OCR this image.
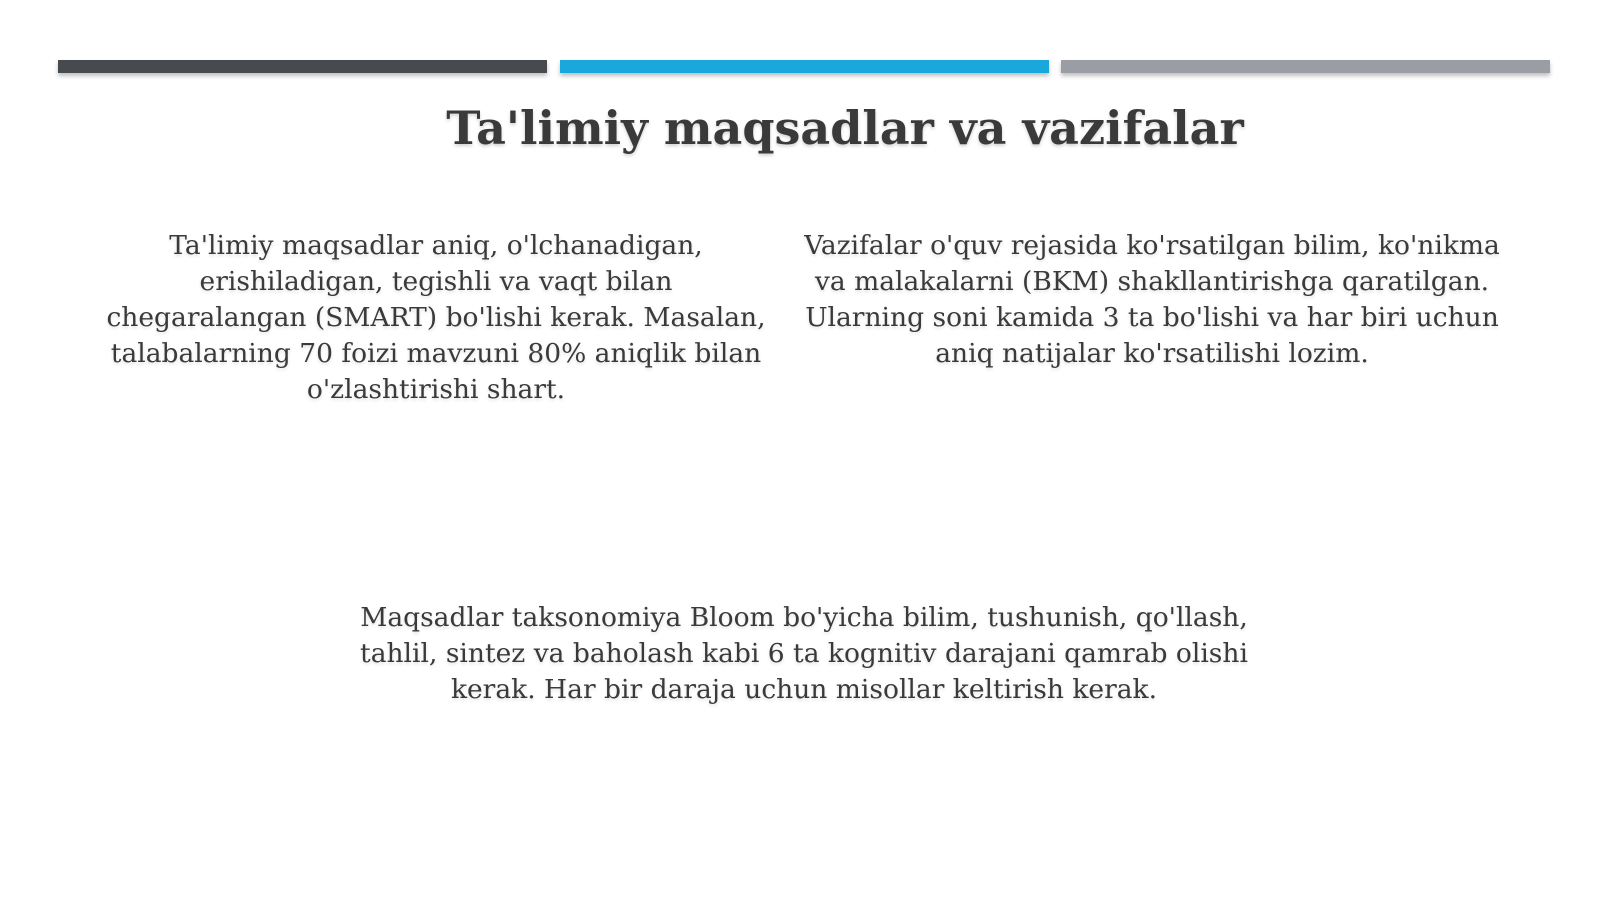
Ta'limiy maqsadlar va vazifalar
Ta'limiy maqsadlar aniq, o'lchanadigan, erishiladigan, tegishli va vaqt bilan chegaralangan (SMART) bo'lishi kerak. Masalan, talabalarning 70 foizi mavzuni 80% aniqlik bilan o'zlashtirishi shart.
Vazifalar o'quv rejasida ko'rsatilgan bilim, ko'nikma va malakalarni (BKM) shakllantirishga qaratilgan. Ularning soni kamida 3 ta bo'lishi va har biri uchun aniq natijalar ko'rsatilishi lozim.
Maqsadlar taksonomiya Bloom bo'yicha bilim, tushunish, qo'llash, tahlil, sintez va baholash kabi 6 ta kognitiv darajani qamrab olishi kerak. Har bir daraja uchun misollar keltirish kerak.
